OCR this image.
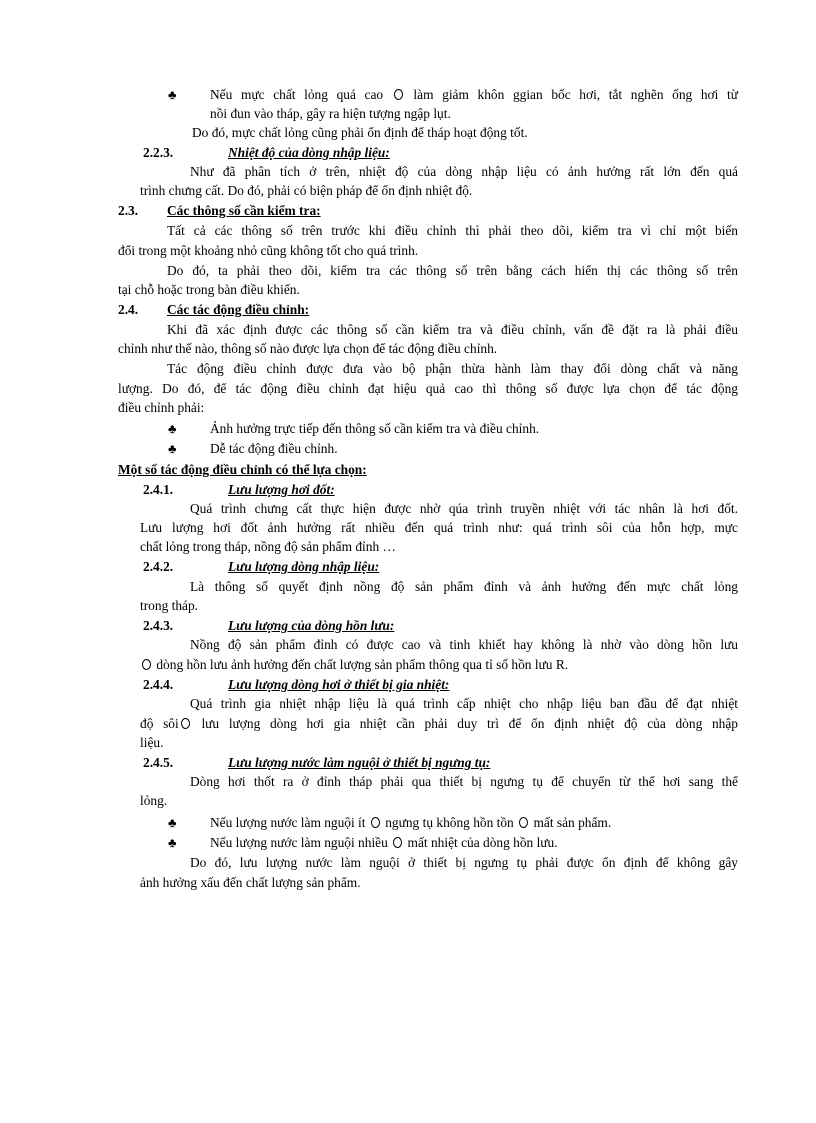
♣ Nếu mực chất lỏng quá cao làm giảm khôn ggian bốc hơi, tắt nghẽn ống hơi từ
nồi đun vào tháp, gây ra hiện tượng ngập lụt.
Do đó, mực chất lỏng cũng phải ổn định để tháp hoạt động tốt.
2.2.3.	Nhiệt độ của dòng nhập liệu:
Như đã phân tích ở trên, nhiệt độ của dòng nhập liệu có ảnh hưởng rất lớn đến quá
trình chưng cất. Do đó, phải có biện pháp để ổn định nhiệt độ.
2.3. Các thông số cần kiểm tra:
Tất cả các thông số trên trước khi điều chỉnh thì phải theo dõi, kiểm tra vì chỉ một biến
đổi trong một khoảng nhỏ cũng không tốt cho quá trình.
Do đó, ta phải theo dõi, kiểm tra các thông số trên bằng cách hiển thị các thông số trên
tại chỗ hoặc trong bàn điều khiển.
2.4. Các tác động điều chỉnh:
Khi đã xác định được các thông số cần kiểm tra và điều chỉnh, vấn đề đặt ra là phải điều
chỉnh như thế nào, thông số nào được lựa chọn để tác động điều chỉnh.
Tác động điều chỉnh được đưa vào bộ phận thừa hành làm thay đổi dòng chất và năng
lượng. Do đó, để tác động điều chỉnh đạt hiệu quả cao thì thông số được lựa chọn để tác động
điều chỉnh phải:
♣ Ảnh hưởng trực tiếp đến thông số cần kiểm tra và điều chỉnh.
♣ Dễ tác động điều chỉnh.
Một số tác động điều chỉnh có thể lựa chọn:
2.4.1.	Lưu lượng hơi đốt:
Quá trình chưng cất thực hiện được nhờ qúa trình truyền nhiệt với tác nhân là hơi đốt.
Lưu lượng hơi đốt ảnh hưởng rất nhiều đến quá trình như: quá trình sôi của hỗn hợp, mực
chất lỏng trong tháp, nồng độ sản phẩm đỉnh …
2.4.2.	Lưu lượng dòng nhập liệu:
Là thông số quyết định nồng độ sản phẩm đỉnh và ảnh hưởng đến mực chất lỏng
trong tháp.
2.4.3.	Lưu lượng của dòng hồn lưu:
Nồng độ sản phẩm đỉnh có được cao và tinh khiết hay không là nhờ vào dòng hồn lưu
dòng hồn lưu ảnh hưởng đến chất lượng sản phẩm thông qua tỉ số hồn lưu R.
2.4.4.	Lưu lượng dòng hơi ở thiết bị gia nhiệt:
Quá trình gia nhiệt nhập liệu là quá trình cấp nhiệt cho nhập liệu ban đầu để đạt nhiệt
độ sôi lưu lượng dòng hơi gia nhiệt cần phải duy trì để ổn định nhiệt độ của dòng nhập
liệu.
2.4.5.	Lưu lượng nước làm nguội ở thiết bị ngưng tụ:
Dòng hơi thốt ra ở đỉnh tháp phải qua thiết bị ngưng tụ để chuyển từ thể hơi sang thể
lỏng.
♣ Nếu lượng nước làm nguội ít ngưng tụ không hồn tồn mất sản phẩm.
♣ Nếu lượng nước làm nguội nhiều mất nhiệt của dòng hồn lưu.
Do đó, lưu lượng nước làm nguội ở thiết bị ngưng tụ phải được ổn định để không gây
ảnh hưởng xấu đến chất lượng sản phẩm.
